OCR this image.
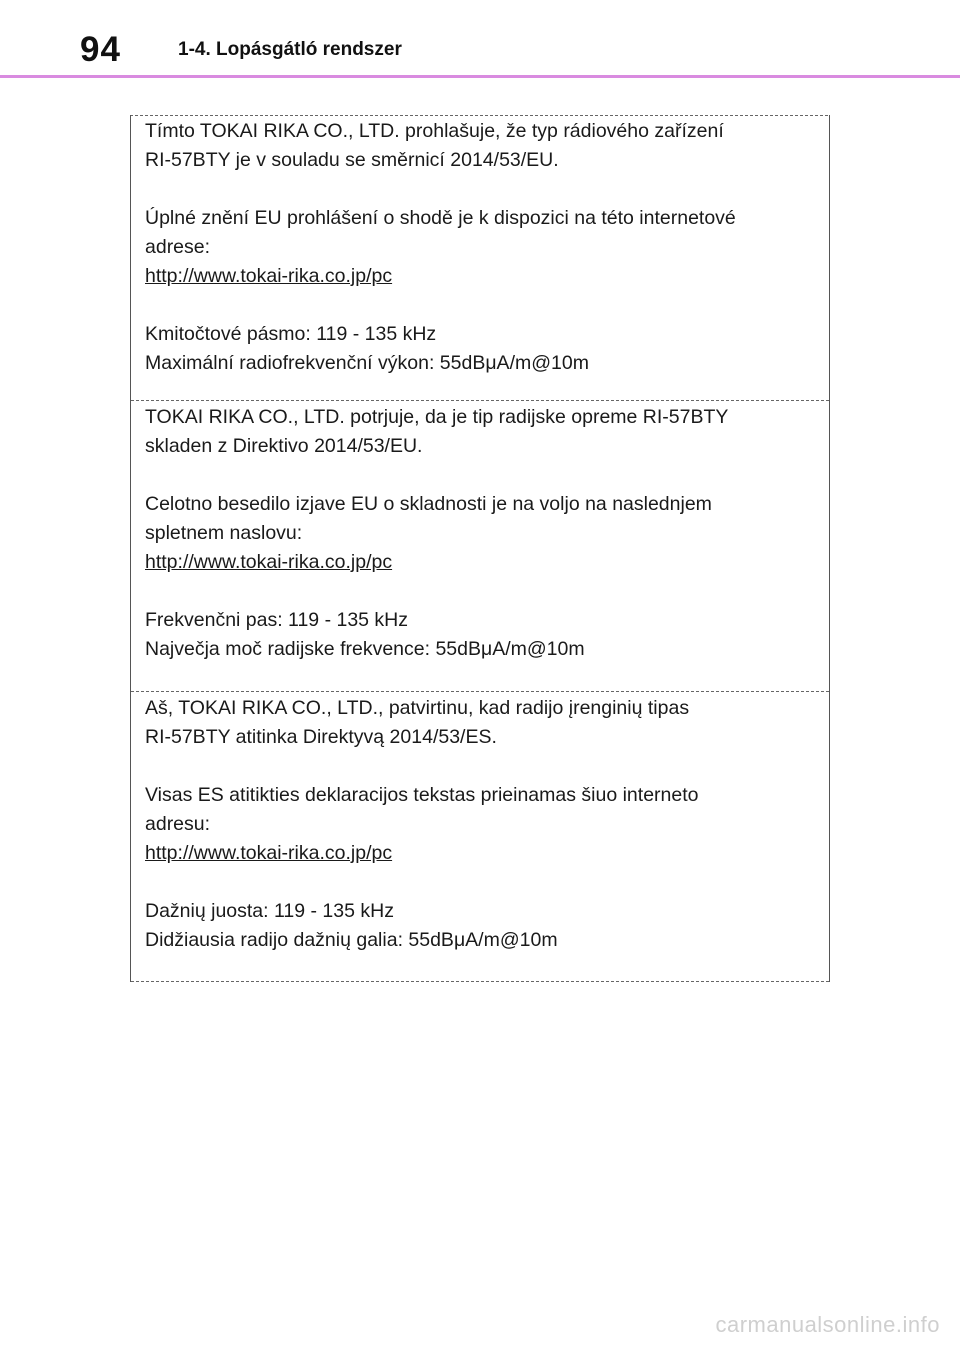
94	1-4. Lopásgátló rendszer

Tímto TOKAI RIKA CO., LTD. prohlašuje, že typ rádiového zařízení

RI-57BTY je v souladu se směrnicí 2014/53/EU.

Úplné znění EU prohlášení o shodě je k dispozici na této internetové

adrese:

http://www.tokai-rika.co.jp/pc

Kmitočtové pásmo: 119 - 135 kHz

Maximální radiofrekvenční výkon: 55dBμA/m@10m

TOKAI RIKA CO., LTD. potrjuje, da je tip radijske opreme RI-57BTY

skladen z Direktivo 2014/53/EU.

Celotno besedilo izjave EU o skladnosti je na voljo na naslednjem

spletnem naslovu:

http://www.tokai-rika.co.jp/pc

Frekvenčni pas: 119 - 135 kHz

Največja moč radijske frekvence: 55dBμA/m@10m

Aš, TOKAI RIKA CO., LTD., patvirtinu, kad radijo įrenginių tipas

RI-57BTY atitinka Direktyvą 2014/53/ES.

Visas ES atitikties deklaracijos tekstas prieinamas šiuo interneto

adresu:

http://www.tokai-rika.co.jp/pc

Dažnių juosta: 119 - 135 kHz

Didžiausia radijo dažnių galia: 55dBμA/m@10m

carmanualsonline.info
